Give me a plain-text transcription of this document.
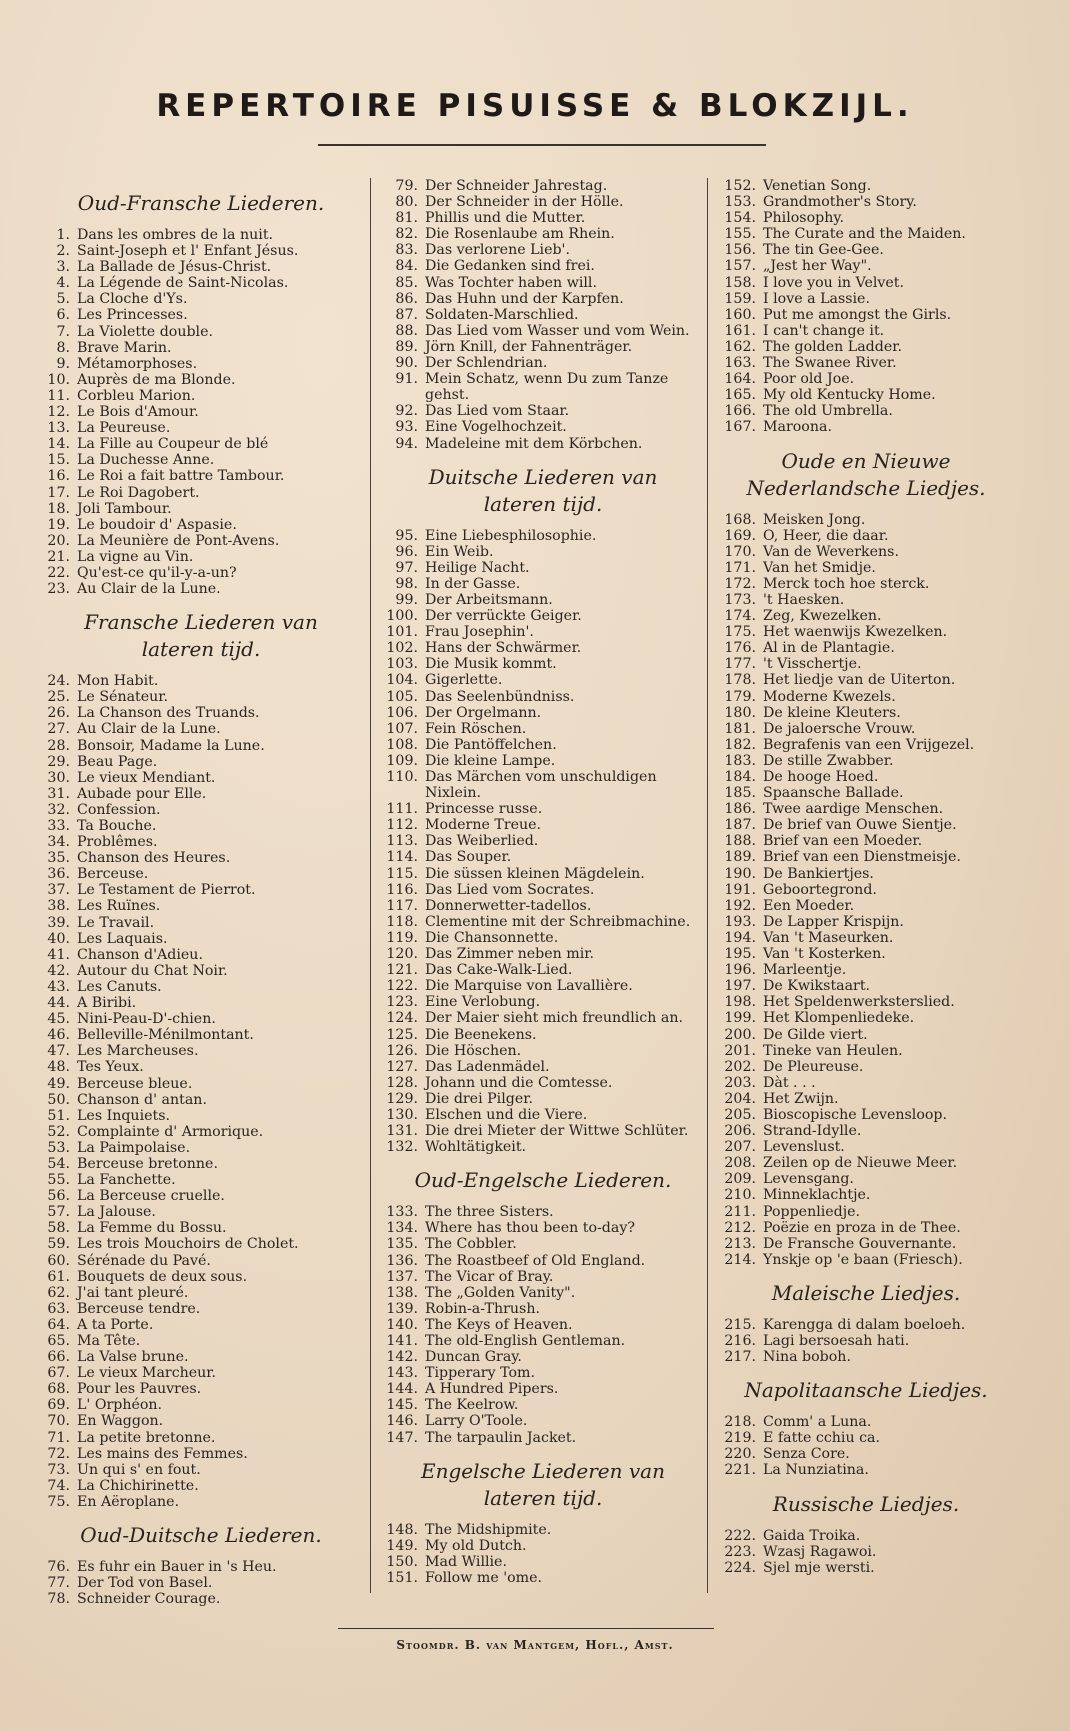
REPERTOIRE PISUISSE & BLOKZIJL.
Oud-Fransche Liederen.
1. Dans les ombres de la nuit.
2. Saint-Joseph et l' Enfant Jésus.
3. La Ballade de Jésus-Christ.
4. La Légende de Saint-Nicolas.
5. La Cloche d'Ys.
6. Les Princesses.
7. La Violette double.
8. Brave Marin.
9. Métamorphoses.
10. Auprès de ma Blonde.
11. Corbleu Marion.
12. Le Bois d'Amour.
13. La Peureuse.
14. La Fille au Coupeur de blé
15. La Duchesse Anne.
16. Le Roi a fait battre Tambour.
17. Le Roi Dagobert.
18. Joli Tambour.
19. Le boudoir d' Aspasie.
20. La Meunière de Pont-Avens.
21. La vigne au Vin.
22. Qu'est-ce qu'il-y-a-un?
23. Au Clair de la Lune.
Fransche Liederen van
lateren tijd.
24. Mon Habit.
25. Le Sénateur.
26. La Chanson des Truands.
27. Au Clair de la Lune.
28. Bonsoir, Madame la Lune.
29. Beau Page.
30. Le vieux Mendiant.
31. Aubade pour Elle.
32. Confession.
33. Ta Bouche.
34. Problêmes.
35. Chanson des Heures.
36. Berceuse.
37. Le Testament de Pierrot.
38. Les Ruïnes.
39. Le Travail.
40. Les Laquais.
41. Chanson d'Adieu.
42. Autour du Chat Noir.
43. Les Canuts.
44. A Biribi.
45. Nini-Peau-D'-chien.
46. Belleville-Ménilmontant.
47. Les Marcheuses.
48. Tes Yeux.
49. Berceuse bleue.
50. Chanson d' antan.
51. Les Inquiets.
52. Complainte d' Armorique.
53. La Paimpolaise.
54. Berceuse bretonne.
55. La Fanchette.
56. La Berceuse cruelle.
57. La Jalouse.
58. La Femme du Bossu.
59. Les trois Mouchoirs de Cholet.
60. Sérénade du Pavé.
61. Bouquets de deux sous.
62. J'ai tant pleuré.
63. Berceuse tendre.
64. A ta Porte.
65. Ma Tête.
66. La Valse brune.
67. Le vieux Marcheur.
68. Pour les Pauvres.
69. L' Orphéon.
70. En Waggon.
71. La petite bretonne.
72. Les mains des Femmes.
73. Un qui s' en fout.
74. La Chichirinette.
75. En Aëroplane.
Oud-Duitsche Liederen.
76. Es fuhr ein Bauer in 's Heu.
77. Der Tod von Basel.
78. Schneider Courage.
79. Der Schneider Jahrestag.
80. Der Schneider in der Hölle.
81. Phillis und die Mutter.
82. Die Rosenlaube am Rhein.
83. Das verlorene Lieb'.
84. Die Gedanken sind frei.
85. Was Tochter haben will.
86. Das Huhn und der Karpfen.
87. Soldaten-Marschlied.
88. Das Lied vom Wasser und vom Wein.
89. Jörn Knill, der Fahnenträger.
90. Der Schlendrian.
91. Mein Schatz, wenn Du zum Tanze gehst.
92. Das Lied vom Staar.
93. Eine Vogelhochzeit.
94. Madeleine mit dem Körbchen.
Duitsche Liederen van
lateren tijd.
95. Eine Liebesphilosophie.
96. Ein Weib.
97. Heilige Nacht.
98. In der Gasse.
99. Der Arbeitsmann.
100. Der verrückte Geiger.
101. Frau Josephin'.
102. Hans der Schwärmer.
103. Die Musik kommt.
104. Gigerlette.
105. Das Seelenbündniss.
106. Der Orgelmann.
107. Fein Röschen.
108. Die Pantöffelchen.
109. Die kleine Lampe.
110. Das Märchen vom unschuldigen Nixlein.
111. Princesse russe.
112. Moderne Treue.
113. Das Weiberlied.
114. Das Souper.
115. Die süssen kleinen Mägdelein.
116. Das Lied vom Socrates.
117. Donnerwetter-tadellos.
118. Clementine mit der Schreibmachine.
119. Die Chansonnette.
120. Das Zimmer neben mir.
121. Das Cake-Walk-Lied.
122. Die Marquise von Lavallière.
123. Eine Verlobung.
124. Der Maier sieht mich freundlich an.
125. Die Beenekens.
126. Die Höschen.
127. Das Ladenmädel.
128. Johann und die Comtesse.
129. Die drei Pilger.
130. Elschen und die Viere.
131. Die drei Mieter der Wittwe Schlüter.
132. Wohltätigkeit.
Oud-Engelsche Liederen.
133. The three Sisters.
134. Where has thou been to-day?
135. The Cobbler.
136. The Roastbeef of Old England.
137. The Vicar of Bray.
138. The „Golden Vanity".
139. Robin-a-Thrush.
140. The Keys of Heaven.
141. The old-English Gentleman.
142. Duncan Gray.
143. Tipperary Tom.
144. A Hundred Pipers.
145. The Keelrow.
146. Larry O'Toole.
147. The tarpaulin Jacket.
Engelsche Liederen van
lateren tijd.
148. The Midshipmite.
149. My old Dutch.
150. Mad Willie.
151. Follow me 'ome.
152. Venetian Song.
153. Grandmother's Story.
154. Philosophy.
155. The Curate and the Maiden.
156. The tin Gee-Gee.
157. „Jest her Way".
158. I love you in Velvet.
159. I love a Lassie.
160. Put me amongst the Girls.
161. I can't change it.
162. The golden Ladder.
163. The Swanee River.
164. Poor old Joe.
165. My old Kentucky Home.
166. The old Umbrella.
167. Maroona.
Oude en Nieuwe
Nederlandsche Liedjes.
168. Meisken Jong.
169. O, Heer, die daar.
170. Van de Weverkens.
171. Van het Smidje.
172. Merck toch hoe sterck.
173. 't Haesken.
174. Zeg, Kwezelken.
175. Het waenwijs Kwezelken.
176. Al in de Plantagie.
177. 't Visschertje.
178. Het liedje van de Uiterton.
179. Moderne Kwezels.
180. De kleine Kleuters.
181. De jaloersche Vrouw.
182. Begrafenis van een Vrijgezel.
183. De stille Zwabber.
184. De hooge Hoed.
185. Spaansche Ballade.
186. Twee aardige Menschen.
187. De brief van Ouwe Sientje.
188. Brief van een Moeder.
189. Brief van een Dienstmeisje.
190. De Bankiertjes.
191. Geboortegrond.
192. Een Moeder.
193. De Lapper Krispijn.
194. Van 't Maseurken.
195. Van 't Kosterken.
196. Marleentje.
197. De Kwikstaart.
198. Het Speldenwerksterslied.
199. Het Klompenliedeke.
200. De Gilde viert.
201. Tineke van Heulen.
202. De Pleureuse.
203. Dàt . . .
204. Het Zwijn.
205. Bioscopische Levensloop.
206. Strand-Idylle.
207. Levenslust.
208. Zeilen op de Nieuwe Meer.
209. Levensgang.
210. Minneklachtje.
211. Poppenliedje.
212. Poëzie en proza in de Thee.
213. De Fransche Gouvernante.
214. Ynskje op 'e baan (Friesch).
Maleische Liedjes.
215. Karengga di dalam boeloeh.
216. Lagi bersoesah hati.
217. Nina boboh.
Napolitaansche Liedjes.
218. Comm' a Luna.
219. E fatte cchiu ca.
220. Senza Core.
221. La Nunziatina.
Russische Liedjes.
222. Gaida Troika.
223. Wzasj Ragawoi.
224. Sjel mje wersti.
Stoomdr. B. van Mantgem, Hofl., Amst.
